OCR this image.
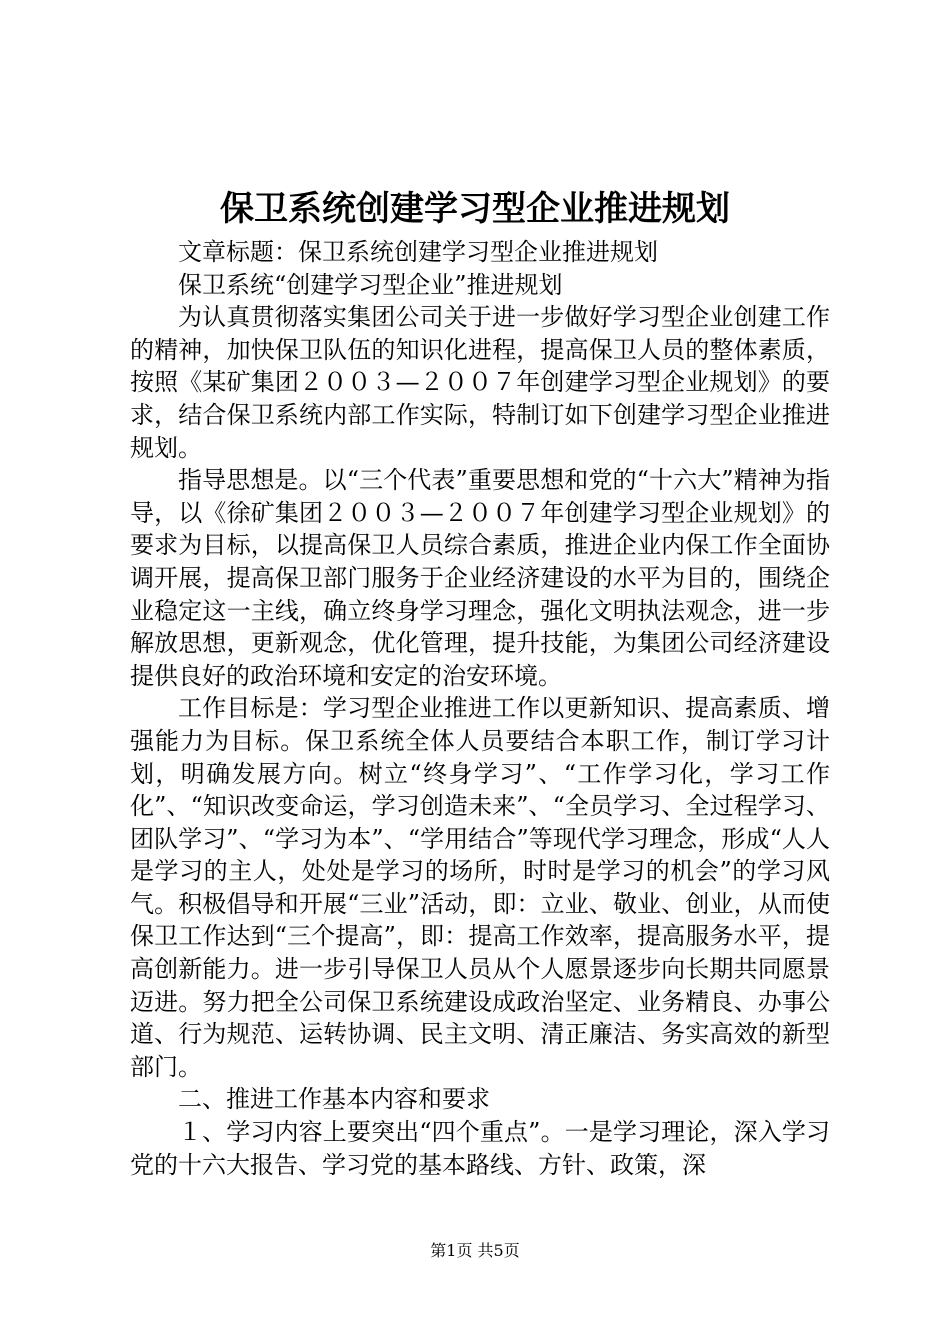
保卫系统创建学习型企业推进规划

文章标题：保卫系统创建学习型企业推进规划

保卫系统“创建学习型企业”推进规划

为认真贯彻落实集团公司关于进一步做好学习型企业创建工作的精神，加快保卫队伍的知识化进程，提高保卫人员的整体素质，按照《某矿集团２００３—２００７年创建学习型企业规划》的要求，结合保卫系统内部工作实际，特制订如下创建学习型企业推进规划。

指导思想是。以“三个代表”重要思想和党的“十六大”精神为指导，以《徐矿集团２００３—２００７年创建学习型企业规划》的要求为目标，以提高保卫人员综合素质，推进企业内保工作全面协调开展，提高保卫部门服务于企业经济建设的水平为目的，围绕企业稳定这一主线，确立终身学习理念，强化文明执法观念，进一步解放思想，更新观念，优化管理，提升技能，为集团公司经济建设提供良好的政治环境和安定的治安环境。

工作目标是：学习型企业推进工作以更新知识、提高素质、增强能力为目标。保卫系统全体人员要结合本职工作，制订学习计划，明确发展方向。树立“终身学习”、“工作学习化，学习工作化”、“知识改变命运，学习创造未来”、“全员学习、全过程学习、团队学习”、“学习为本”、“学用结合”等现代学习理念，形成“人人是学习的主人，处处是学习的场所，时时是学习的机会”的学习风气。积极倡导和开展“三业”活动，即：立业、敬业、创业，从而使保卫工作达到“三个提高”，即：提高工作效率，提高服务水平，提高创新能力。进一步引导保卫人员从个人愿景逐步向长期共同愿景迈进。努力把全公司保卫系统建设成政治坚定、业务精良、办事公道、行为规范、运转协调、民主文明、清正廉洁、务实高效的新型部门。

二、推进工作基本内容和要求

１、学习内容上要突出“四个重点”。一是学习理论，深入学习党的十六大报告、学习党的基本路线、方针、政策，深

第1页 共5页
